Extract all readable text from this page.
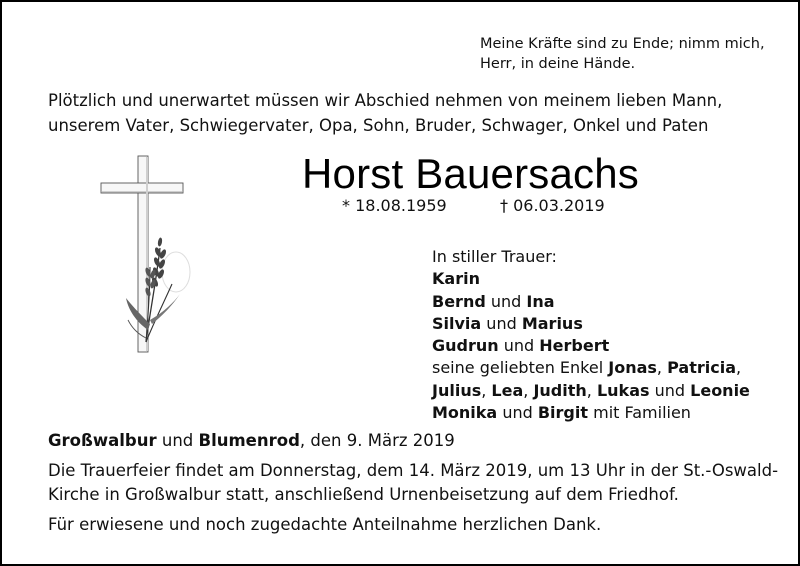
Meine Kräfte sind zu Ende; nimm mich,
Herr, in deine Hände.
Plötzlich und unerwartet müssen wir Abschied nehmen von meinem lieben Mann,
unserem Vater, Schwiegervater, Opa, Sohn, Bruder, Schwager, Onkel und Paten
Horst Bauersachs
* 18.08.1959	† 06.03.2019
In stiller Trauer:
Karin
Bernd und Ina
Silvia und Marius
Gudrun und Herbert
seine geliebten Enkel Jonas, Patricia,
Julius, Lea, Judith, Lukas und Leonie
Monika und Birgit mit Familien
Großwalbur und Blumenrod, den 9. März 2019
Die Trauerfeier findet am Donnerstag, dem 14. März 2019, um 13 Uhr in der St.-Oswald-
Kirche in Großwalbur statt, anschließend Urnenbeisetzung auf dem Friedhof.
Für erwiesene und noch zugedachte Anteilnahme herzlichen Dank.
